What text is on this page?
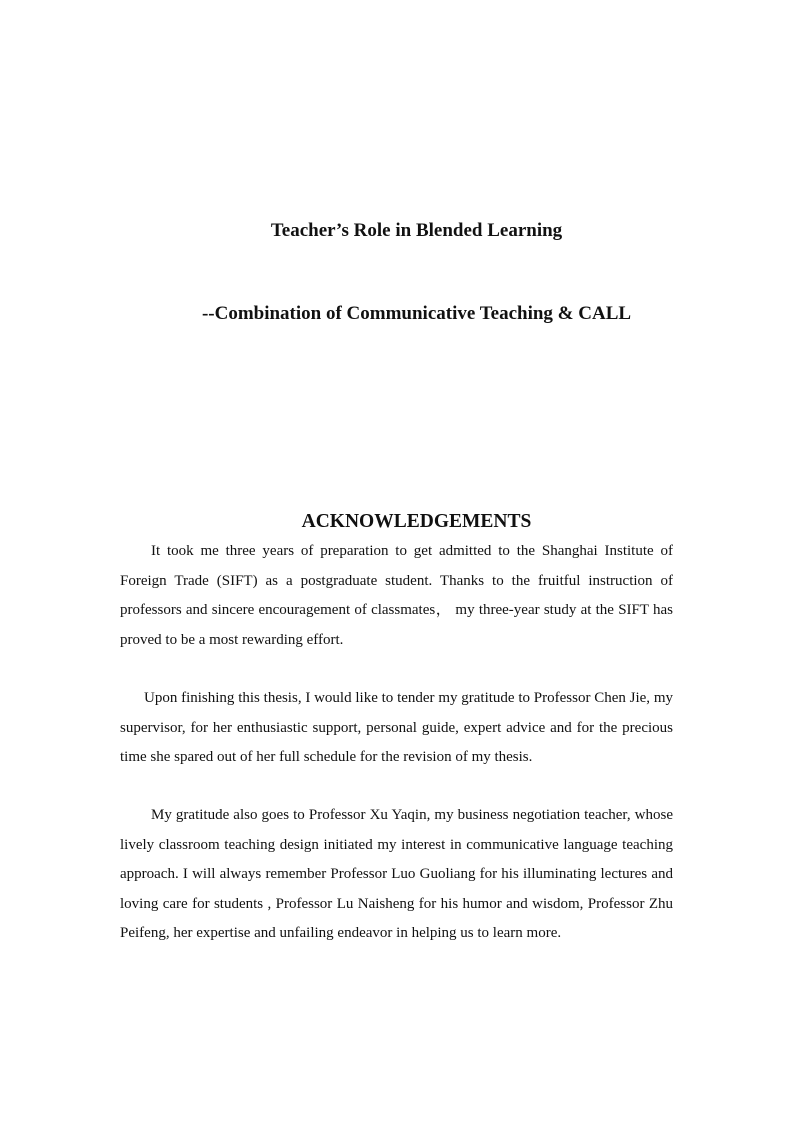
Teacher’s Role in Blended Learning
--Combination of Communicative Teaching & CALL
ACKNOWLEDGEMENTS

It took me three years of preparation to get admitted to the Shanghai Institute of Foreign Trade (SIFT) as a postgraduate student. Thanks to the fruitful instruction of professors and sincere encouragement of classmates， my three-year study at the SIFT has proved to be a most rewarding effort.

Upon finishing this thesis, I would like to tender my gratitude to Professor Chen Jie, my supervisor, for her enthusiastic support, personal guide, expert advice and for the precious time she spared out of her full schedule for the revision of my thesis.

My gratitude also goes to Professor Xu Yaqin, my business negotiation teacher, whose lively classroom teaching design initiated my interest in communicative language teaching approach. I will always remember Professor Luo Guoliang for his illuminating lectures and loving care for students , Professor Lu Naisheng for his humor and wisdom, Professor Zhu Peifeng, her expertise and unfailing endeavor in helping us to learn more.
